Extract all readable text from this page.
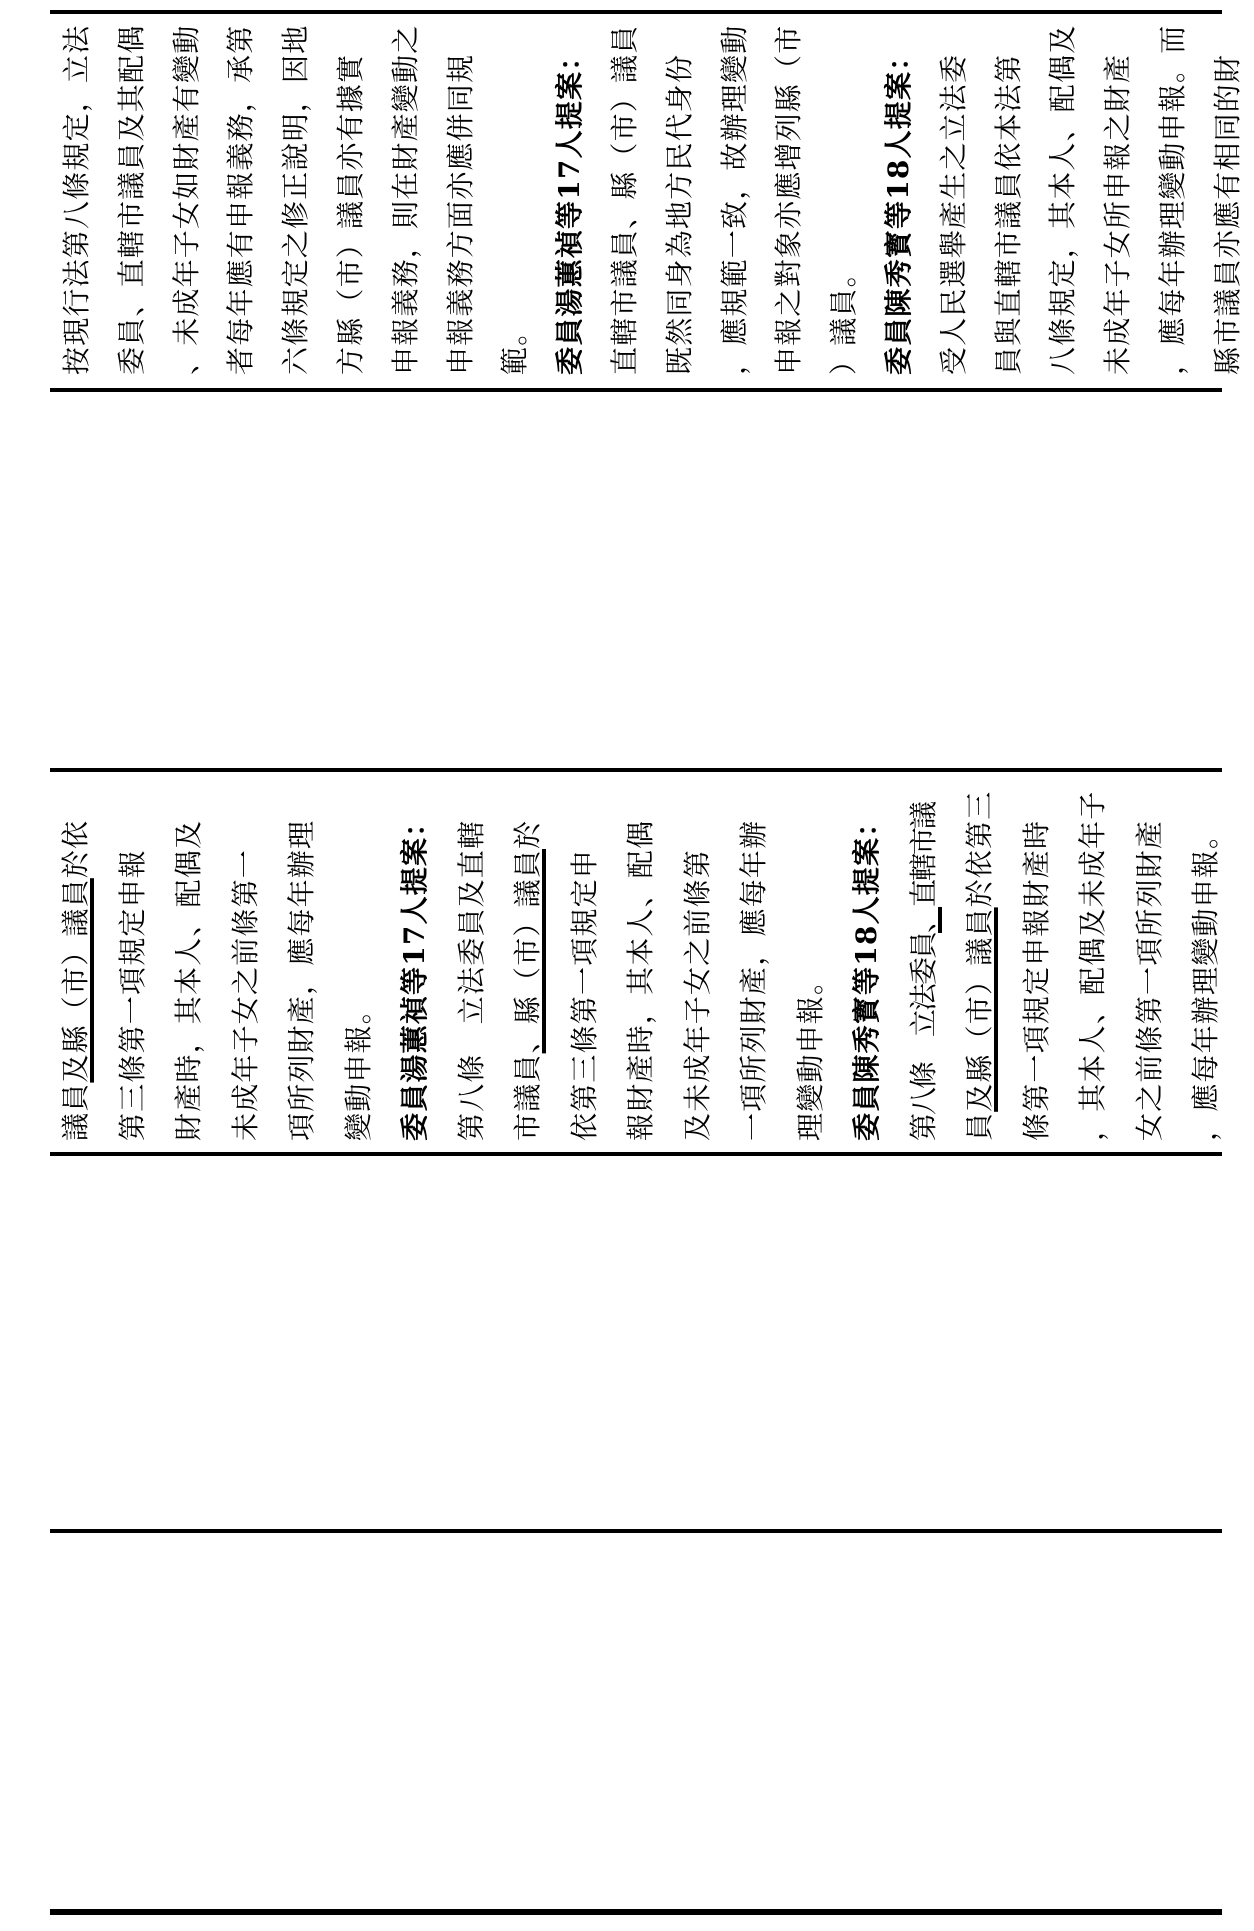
按現行法第八條規定，立法 委員、直轄市議員及其配偶 、未成年子女如財產有變動 者每年應有申報義務，承第 六條規定之修正說明，因地 方縣（市）議員亦有據實 申報義務，則在財產變動之 申報義務方面亦應併同規 範。 委員湯蕙禎等17人提案： 直轄市議員、縣（市）議員 既然同身為地方民代身份 ，應規範一致，故辦理變動 申報之對象亦應增列縣（市 ）議員。 委員陳秀寳等18人提案： 受人民選舉產生之立法委 員與直轄市議員依本法第 八條規定，其本人、配偶及 未成年子女所申報之財產 ，應每年辦理變動申報。而 縣市議員亦應有相同的財
議員及縣（市）議員於依 第三條第一項規定申報 財產時，其本人、配偶及 未成年子女之前條第一 項所列財產，應每年辦理 變動申報。 委員湯蕙禎等17人提案： 第八條　立法委員及直轄 市議員、縣（市）議員於
依第三條第一項規定申 報財產時，其本人、配偶 及未成年子女之前條第 一項所列財產，應每年辦 理變動申報。 委員陳秀寳等18人提案： 第八條　立法委員、直轄市議
員及縣（市）議員於依第三 條第一項規定申報財產時 ，其本人、配偶及未成年子 女之前條第一項所列財產 ，應每年辦理變動申報。
